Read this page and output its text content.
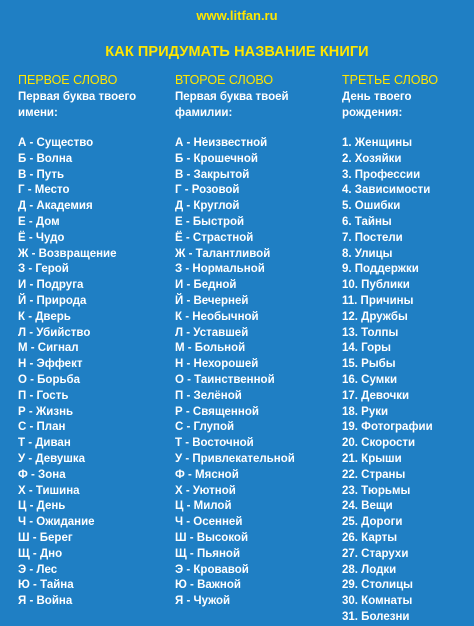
www.litfan.ru
КАК ПРИДУМАТЬ НАЗВАНИЕ КНИГИ
ПЕРВОЕ СЛОВО
Первая буква твоего имени:
А - Существо
Б - Волна
В - Путь
Г - Место
Д - Академия
Е - Дом
Ё - Чудо
Ж - Возвращение
З - Герой
И - Подруга
Й - Природа
К - Дверь
Л - Убийство
М - Сигнал
Н - Эффект
О - Борьба
П - Гость
Р - Жизнь
С - План
Т - Диван
У - Девушка
Ф - Зона
Х - Тишина
Ц - День
Ч - Ожидание
Ш - Берег
Щ - Дно
Э - Лес
Ю - Тайна
Я - Война
ВТОРОЕ СЛОВО
Первая буква твоей фамилии:
А - Неизвестной
Б - Крошечной
В - Закрытой
Г - Розовой
Д - Круглой
Е - Быстрой
Ё - Страстной
Ж - Талантливой
З - Нормальной
И - Бедной
Й - Вечерней
К - Необычной
Л - Уставшей
М - Больной
Н - Нехорошей
О - Таинственной
П - Зелёной
Р - Священной
С - Глупой
Т - Восточной
У - Привлекательной
Ф - Мясной
Х - Уютной
Ц - Милой
Ч - Осенней
Ш - Высокой
Щ - Пьяной
Э - Кровавой
Ю - Важной
Я - Чужой
ТРЕТЬЕ СЛОВО
День твоего рождения:
1. Женщины
2. Хозяйки
3. Профессии
4. Зависимости
5. Ошибки
6. Тайны
7. Постели
8. Улицы
9. Поддержки
10. Публики
11. Причины
12. Дружбы
13. Толпы
14. Горы
15. Рыбы
16. Сумки
17. Девочки
18. Руки
19. Фотографии
20. Скорости
21. Крыши
22. Страны
23. Тюрьмы
24. Вещи
25. Дороги
26. Карты
27. Старухи
28. Лодки
29. Столицы
30. Комнаты
31. Болезни
